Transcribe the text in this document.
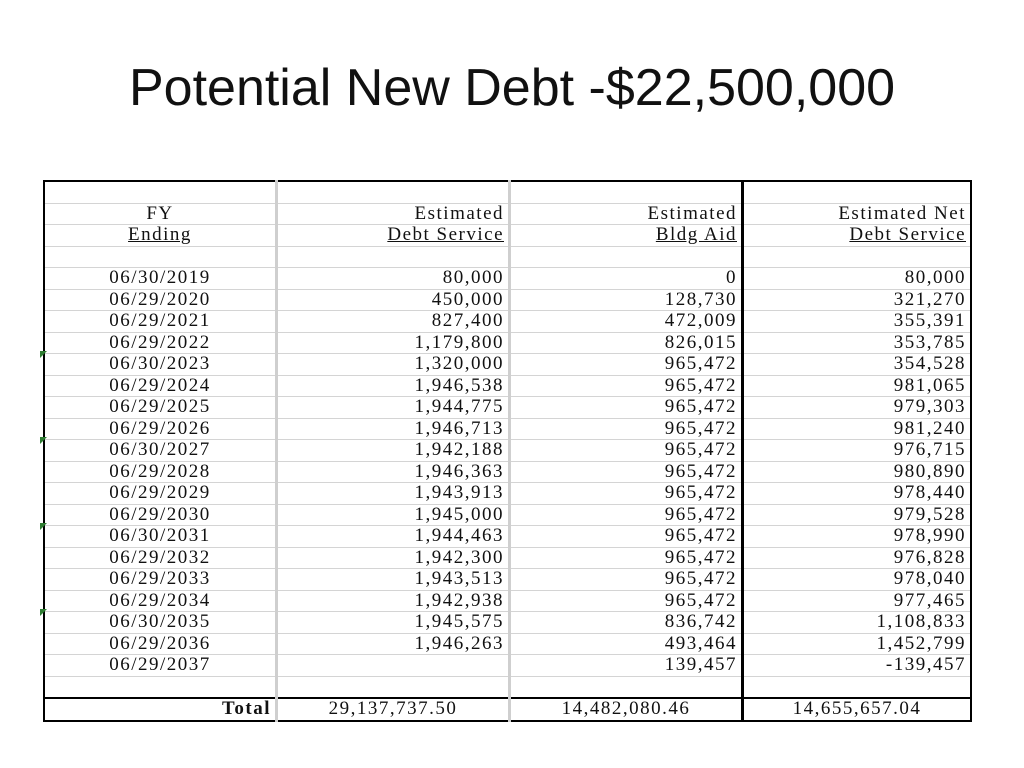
Potential New Debt -$22,500,000

FY	Estimated	Estimated	Estimated Net
Ending	Debt Service	Bldg Aid	Debt Service

06/30/2019	80,000	0	80,000
06/29/2020	450,000	128,730	321,270
06/29/2021	827,400	472,009	355,391
06/29/2022	1,179,800	826,015	353,785
06/30/2023	1,320,000	965,472	354,528
06/29/2024	1,946,538	965,472	981,065
06/29/2025	1,944,775	965,472	979,303
06/29/2026	1,946,713	965,472	981,240
06/30/2027	1,942,188	965,472	976,715
06/29/2028	1,946,363	965,472	980,890
06/29/2029	1,943,913	965,472	978,440
06/29/2030	1,945,000	965,472	979,528
06/30/2031	1,944,463	965,472	978,990
06/29/2032	1,942,300	965,472	976,828
06/29/2033	1,943,513	965,472	978,040
06/29/2034	1,942,938	965,472	977,465
06/30/2035	1,945,575	836,742	1,108,833
06/29/2036	1,946,263	493,464	1,452,799
06/29/2037		139,457	-139,457

Total	29,137,737.50	14,482,080.46	14,655,657.04
